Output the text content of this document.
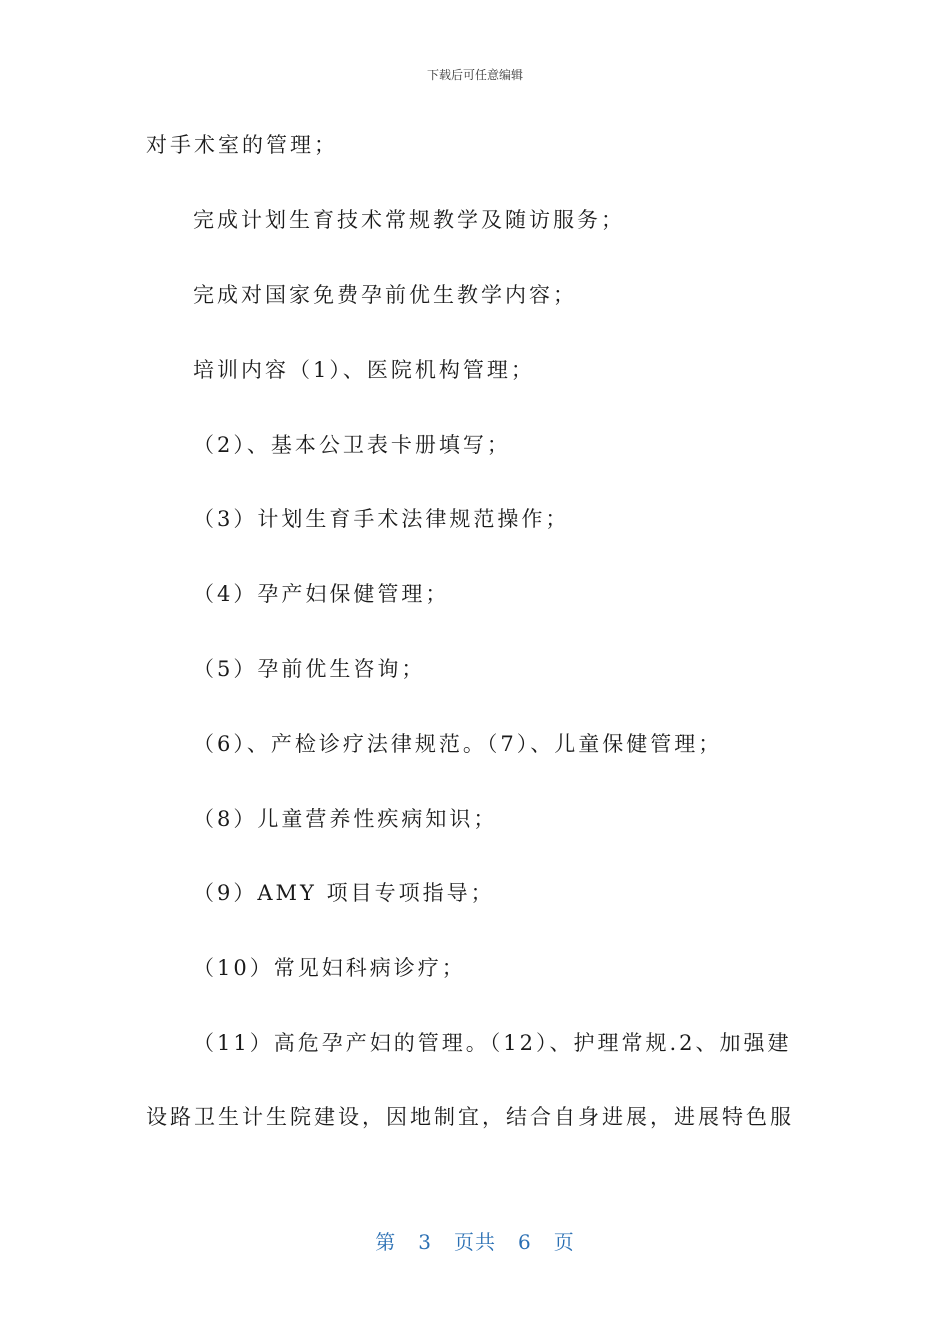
下载后可任意编辑
对手术室的管理；
完成计划生育技术常规教学及随访服务；
完成对国家免费孕前优生教学内容；
培训内容（1）、医院机构管理；
（2）、基本公卫表卡册填写；
（3）计划生育手术法律规范操作；
（4）孕产妇保健管理；
（5）孕前优生咨询；
（6）、产检诊疗法律规范。（7）、儿童保健管理；
（8）儿童营养性疾病知识；
（9）AMY 项目专项指导；
（10）常见妇科病诊疗；
（11）高危孕产妇的管理。（12）、护理常规.2、加强建
设路卫生计生院建设，因地制宜，结合自身进展，进展特色服
第 3 页共 6 页
